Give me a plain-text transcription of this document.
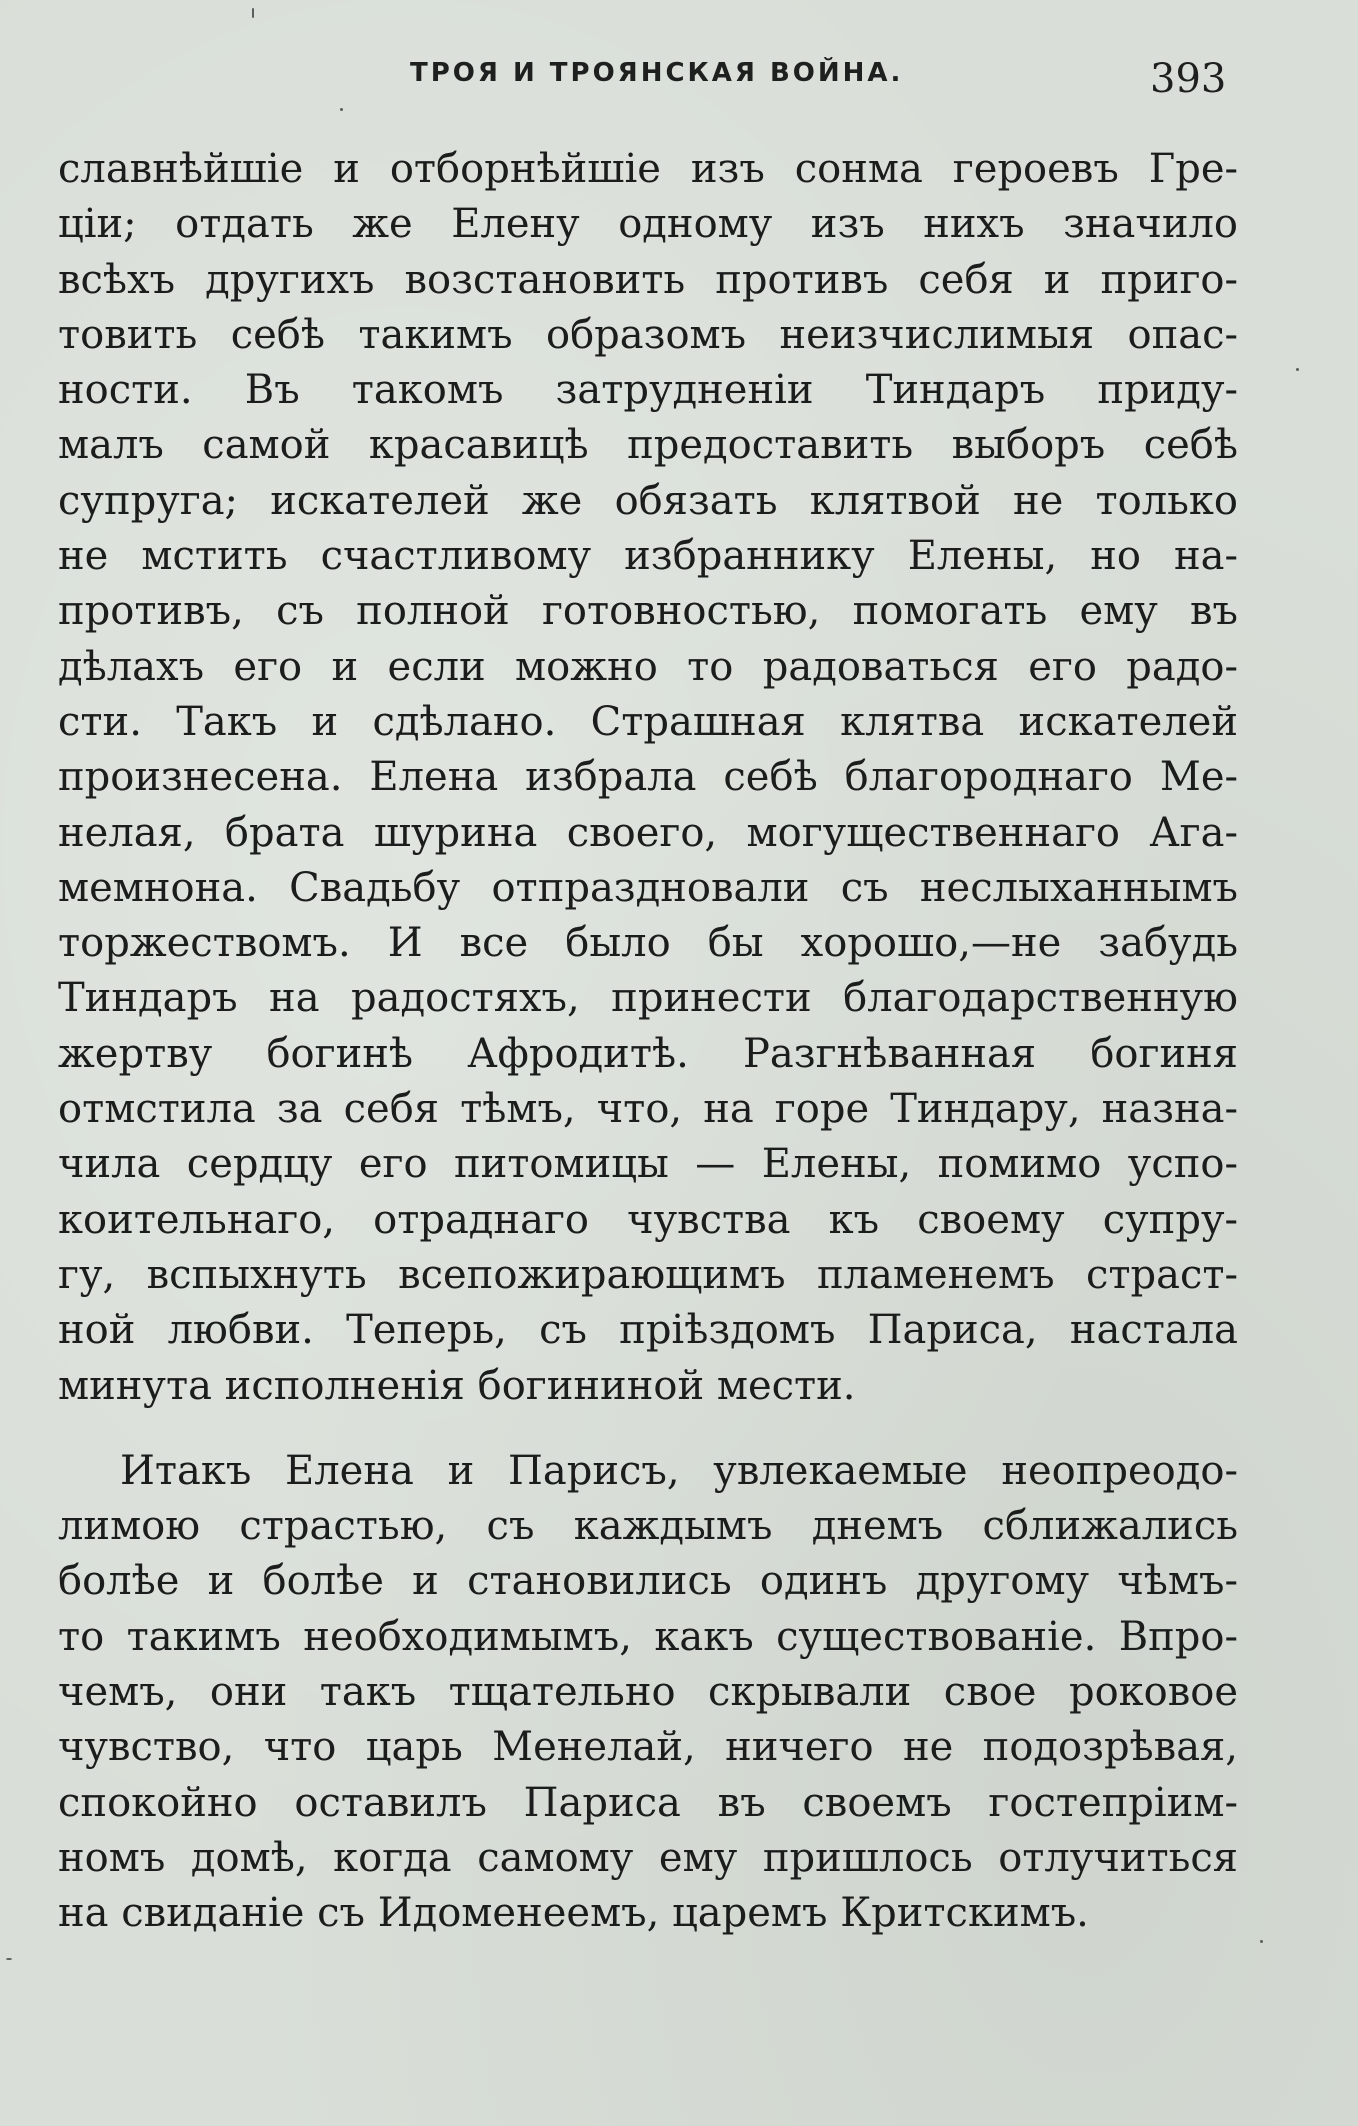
ТРОЯ И ТРОЯНСКАЯ ВОЙНА.	393
славнѣйшіе и отборнѣйшіе изъ сонма героевъ Гре-
ціи; отдать же Елену одному изъ нихъ значило
всѣхъ другихъ возстановить противъ себя и приго-
товить себѣ такимъ образомъ неизчислимыя опас-
ности. Въ такомъ затрудненіи Тиндаръ приду-
малъ самой красавицѣ предоставить выборъ себѣ
супруга; искателей же обязать клятвой не только
не мстить счастливому избраннику Елены, но на-
противъ, съ полной готовностью, помогать ему въ
дѣлахъ его и если можно то радоваться его радо-
сти. Такъ и сдѣлано. Страшная клятва искателей
произнесена. Елена избрала себѣ благороднаго Ме-
нелая, брата шурина своего, могущественнаго Ага-
мемнона. Свадьбу отпраздновали съ неслыханнымъ
торжествомъ. И все было бы хорошо,—не забудь
Тиндаръ на радостяхъ, принести благодарственную
жертву богинѣ Афродитѣ. Разгнѣванная богиня
отмстила за себя тѣмъ, что, на горе Тиндару, назна-
чила сердцу его питомицы — Елены, помимо успо-
коительнаго, отраднаго чувства къ своему супру-
гу, вспыхнуть всепожирающимъ пламенемъ страст-
ной любви. Теперь, съ пріѣздомъ Париса, настала
минута исполненія богининой мести.
Итакъ Елена и Парисъ, увлекаемые неопреодо-
лимою страстью, съ каждымъ днемъ сближались
болѣе и болѣе и становились одинъ другому чѣмъ-
то такимъ необходимымъ, какъ существованіе. Впро-
чемъ, они такъ тщательно скрывали свое роковое
чувство, что царь Менелай, ничего не подозрѣвая,
спокойно оставилъ Париса въ своемъ гостепріим-
номъ домѣ, когда самому ему пришлось отлучиться
на свиданіе съ Идоменеемъ, царемъ Критскимъ.
